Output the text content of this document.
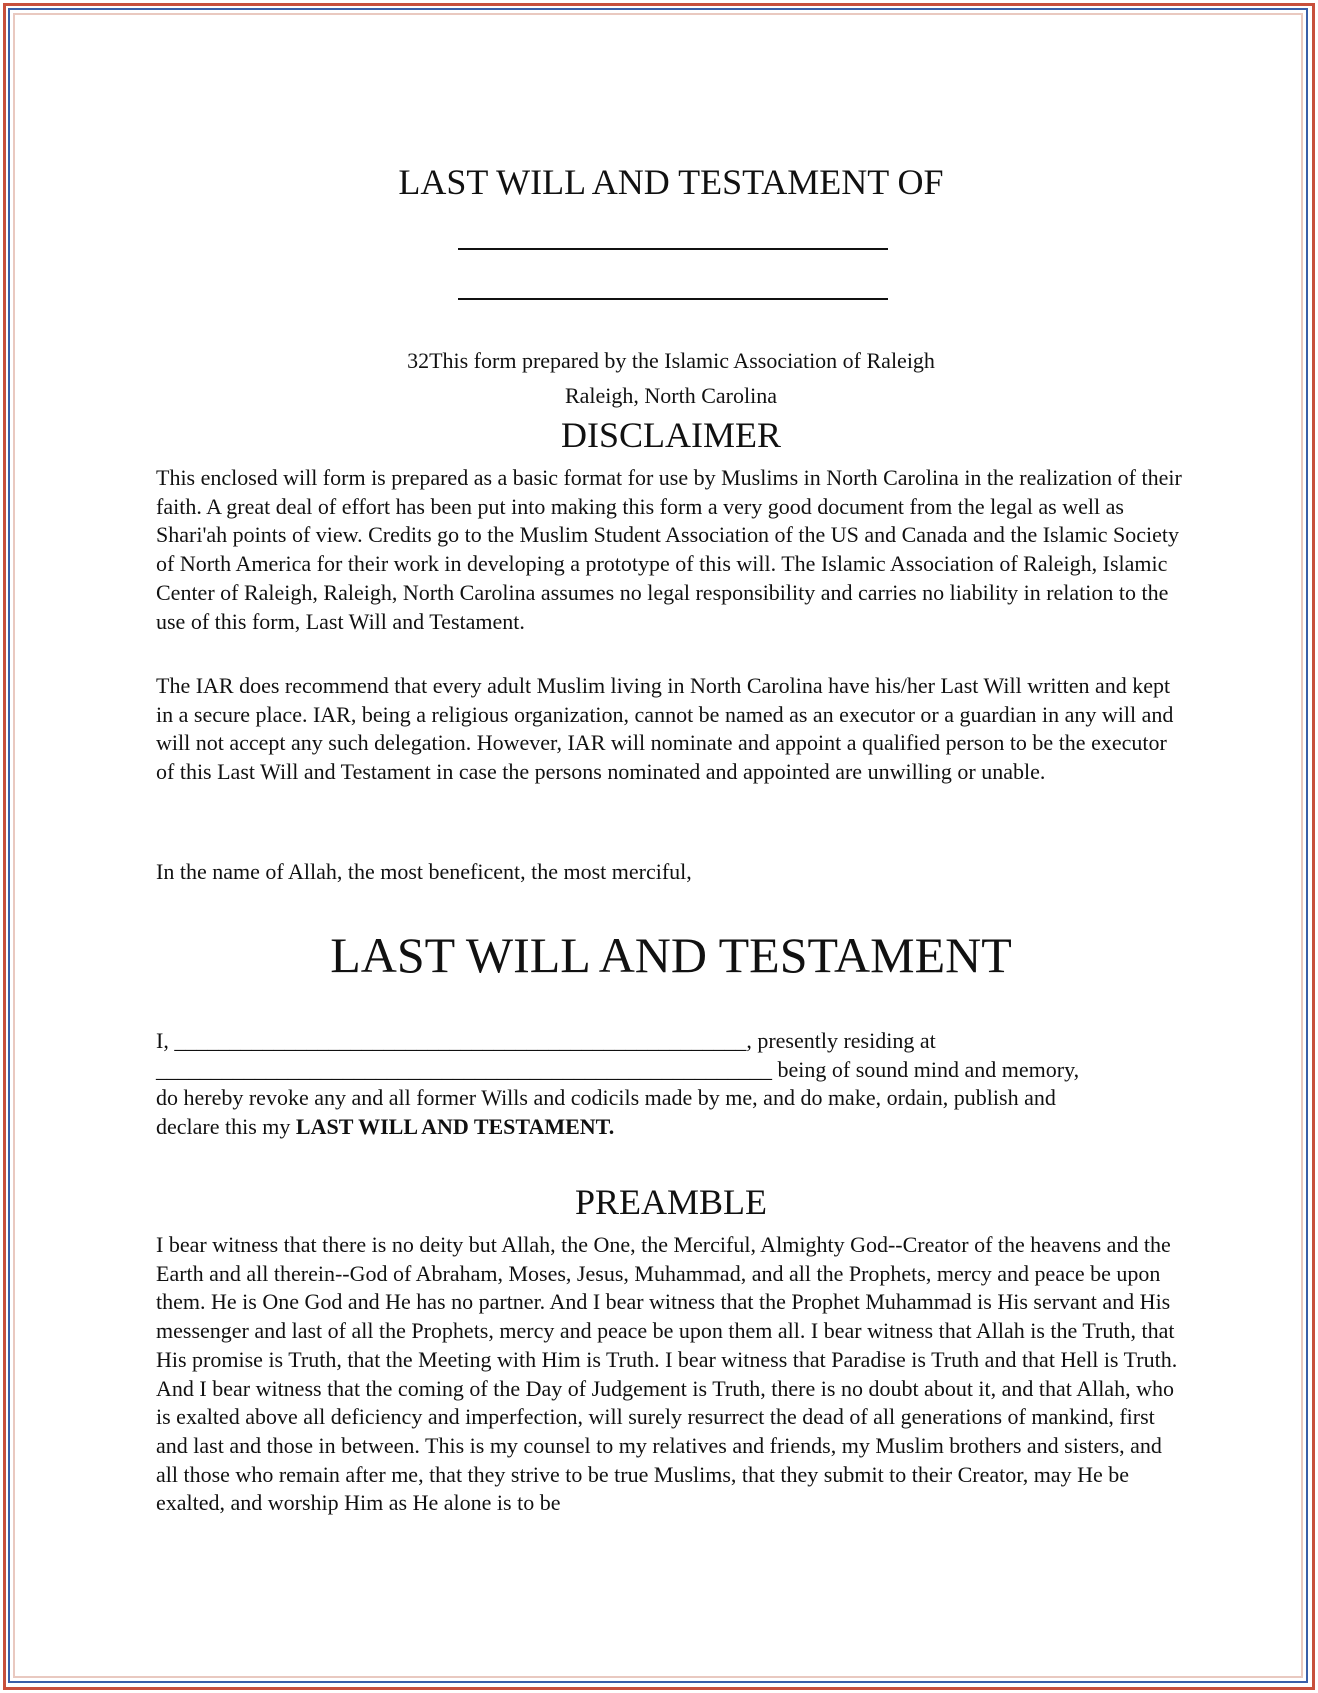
LAST WILL AND TESTAMENT OF
32This form prepared by the Islamic Association of Raleigh
Raleigh, North Carolina
DISCLAIMER

This enclosed will form is prepared as a basic format for use by Muslims in North Carolina in the realization of their faith. A great deal of effort has been put into making this form a very good document from the legal as well as Shari'ah points of view. Credits go to the Muslim Student Association of the US and Canada and the Islamic Society of North America for their work in developing a prototype of this will. The Islamic Association of Raleigh, Islamic Center of Raleigh, Raleigh, North Carolina assumes no legal responsibility and carries no liability in relation to the use of this form, Last Will and Testament.

The IAR does recommend that every adult Muslim living in North Carolina have his/her Last Will written and kept in a secure place. IAR, being a religious organization, cannot be named as an executor or a guardian in any will and will not accept any such delegation. However, IAR will nominate and appoint a qualified person to be the executor of this Last Will and Testament in case the persons nominated and appointed are unwilling or unable.

In the name of Allah, the most beneficent, the most merciful,

LAST WILL AND TESTAMENT
I, ____________________________________________________, presently residing at
________________________________________________________ being of sound mind and memory,
do hereby revoke any and all former Wills and codicils made by me, and do make, ordain, publish and
declare this my LAST WILL AND TESTAMENT.
PREAMBLE

I bear witness that there is no deity but Allah, the One, the Merciful, Almighty God--Creator of the heavens and the Earth and all therein--God of Abraham, Moses, Jesus, Muhammad, and all the Prophets, mercy and peace be upon them. He is One God and He has no partner. And I bear witness that the Prophet Muhammad is His servant and His messenger and last of all the Prophets, mercy and peace be upon them all. I bear witness that Allah is the Truth, that His promise is Truth, that the Meeting with Him is Truth. I bear witness that Paradise is Truth and that Hell is Truth. And I bear witness that the coming of the Day of Judgement is Truth, there is no doubt about it, and that Allah, who is exalted above all deficiency and imperfection, will surely resurrect the dead of all generations of mankind, first and last and those in between. This is my counsel to my relatives and friends, my Muslim brothers and sisters, and all those who remain after me, that they strive to be true Muslims, that they submit to their Creator, may He be exalted, and worship Him as He alone is to be
